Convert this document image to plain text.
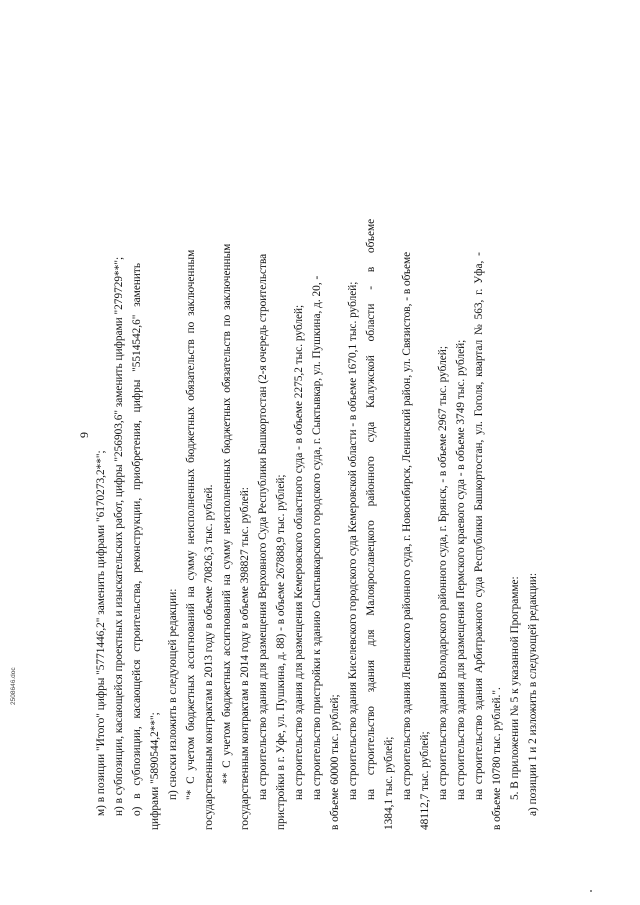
9
м) в позиции "Итого" цифры "5771446,2" заменить цифрами "6170273,2**"; н) в субпозиции, касающейся проектных и изыскательских работ, цифры "256903,6" заменить цифрами "279729**"; о) в субпозиции, касающейся строительства, реконструкции, приобретения, цифры "5514542,6" заменить цифрами "5890544,2**"; п) сноски изложить в следующей редакции: "* С учетом бюджетных ассигнований на сумму неисполненных бюджетных обязательств по заключенным государственным контрактам в 2013 году в объеме 70826,3 тыс. рублей. ** С учетом бюджетных ассигнований на сумму неисполненных бюджетных обязательств по заключенным государственным контрактам в 2014 году в объеме 398827 тыс. рублей: на строительство здания для размещения Верховного Суда Республики Башкортостан (2-я очередь строительства пристройки в г. Уфе, ул. Пушкина, д. 88) - в объеме 267888,9 тыс. рублей; на строительство здания для размещения Кемеровского областного суда - в объеме 2275,2 тыс. рублей; на строительство пристройки к зданию Сыктывкарского городского суда, г. Сыктывкар, ул. Пушкина, д. 20, - в объеме 60000 тыс. рублей; на строительство здания Киселевского городского суда Кемеровской области - в объеме 1670,1 тыс. рублей; на строительство здания для Малоярославецкого районного суда Калужской области - в объеме 1384,1 тыс. рублей; на строительство здания Ленинского районного суда, г. Новосибирск, Ленинский район, ул. Связистов, - в объеме 48112,7 тыс. рублей; на строительство здания Володарского районного суда, г. Брянск, - в объеме 2967 тыс. рублей; на строительство здания для размещения Пермского краевого суда - в объеме 3749 тыс. рублей; на строительство здания Арбитражного суда Республики Башкортостан, ул. Гоголя, квартал № 563, г. Уфа, - в объеме 10780 тыс. рублей.". 5. В приложении № 5 к указанной Программе: а) позиции 1 и 2 изложить в следующей редакции:
2508646.doc
